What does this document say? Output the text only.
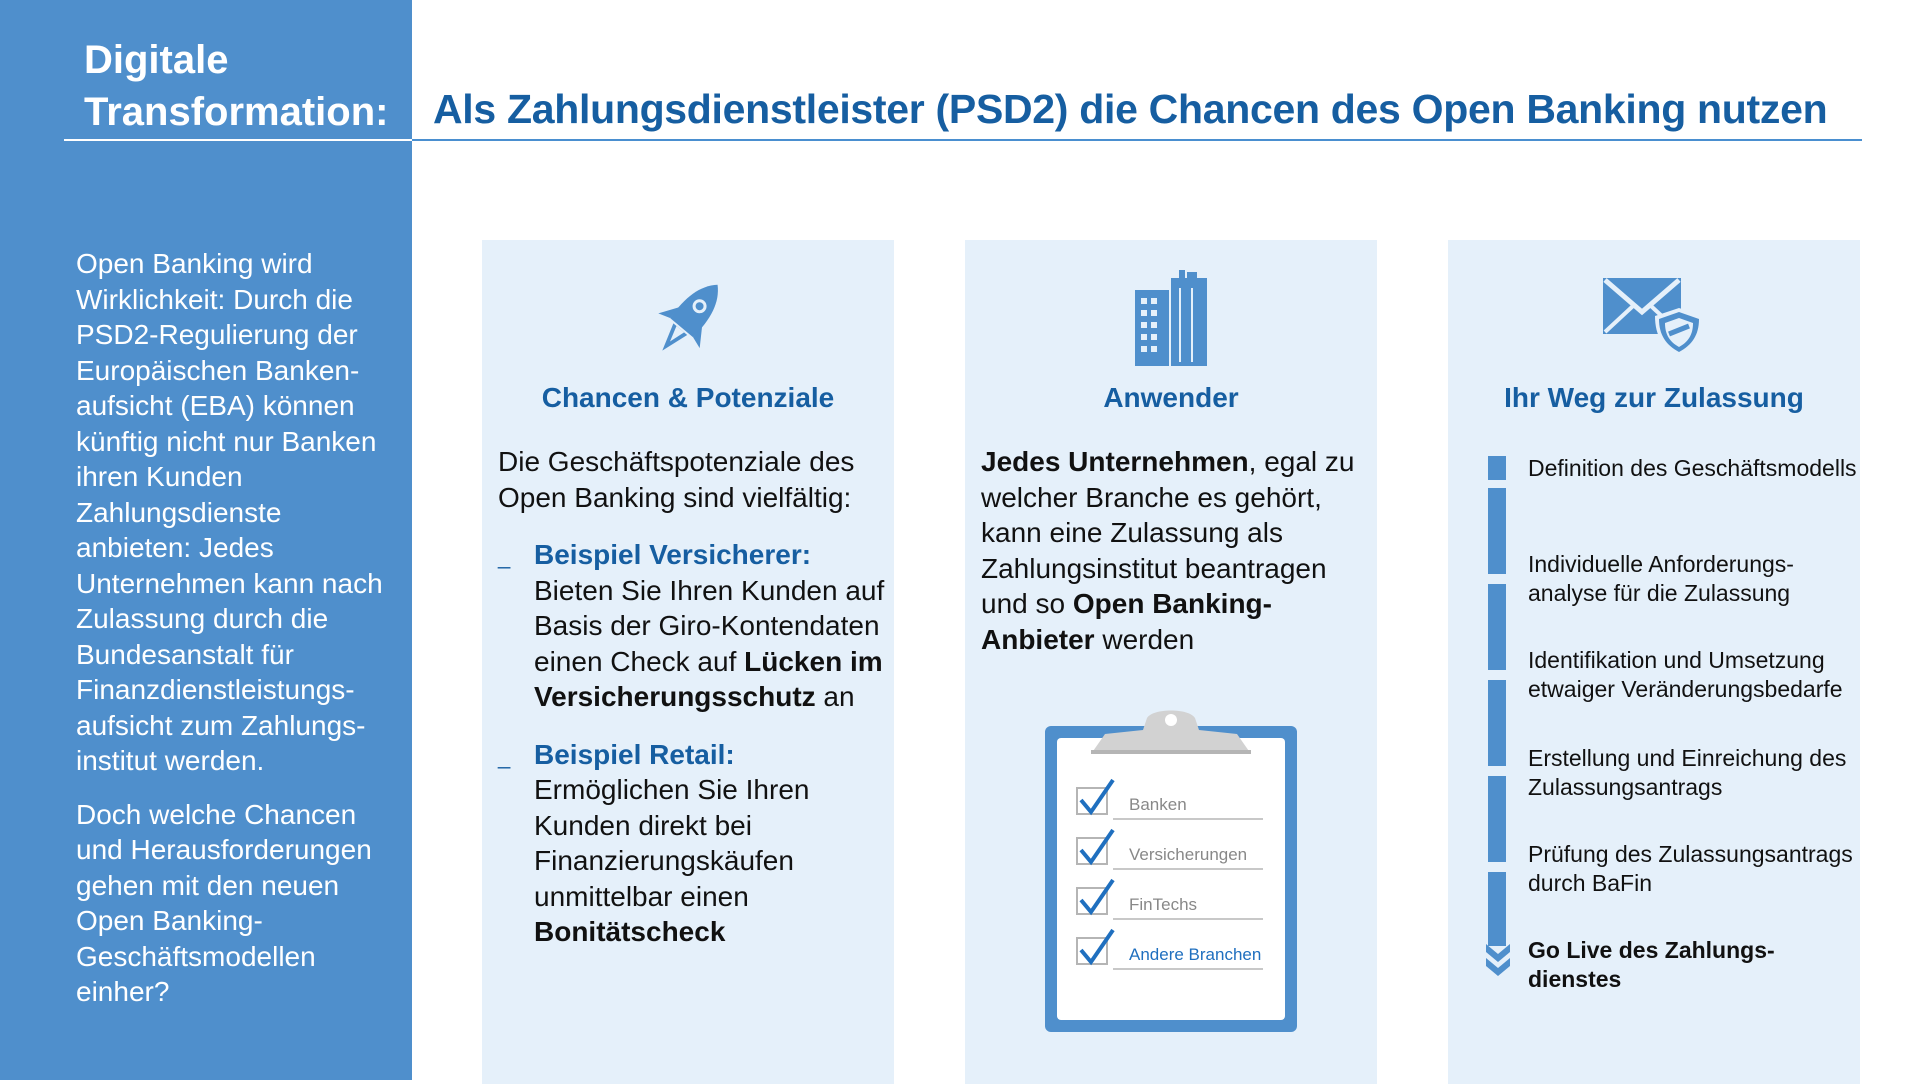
Digitale
Transformation: Als Zahlungsdienstleister (PSD2) die Chancen des Open Banking nutzen

Open Banking wird Wirklichkeit: Durch die PSD2-Regulierung der Europäischen Bankenaufsicht (EBA) können künftig nicht nur Banken ihren Kunden Zahlungsdienste anbieten: Jedes Unternehmen kann nach Zulassung durch die Bundesanstalt für Finanzdienstleistungsaufsicht zum Zahlungsinstitut werden.

Doch welche Chancen und Herausforderungen gehen mit den neuen Open Banking-Geschäftsmodellen einher?

Chancen & Potenziale

Die Geschäftspotenziale des Open Banking sind vielfältig:

_ Beispiel Versicherer:
Bieten Sie Ihren Kunden auf Basis der Giro-Kontendaten einen Check auf Lücken im Versicherungsschutz an
_ Beispiel Retail:
Ermöglichen Sie Ihren Kunden direkt bei Finanzierungskäufen unmittelbar einen Bonitätscheck
Anwender
Jedes Unternehmen, egal zu welcher Branche es gehört, kann eine Zulassung als Zahlungsinstitut beantragen und so Open Banking-Anbieter werden
Banken
Versicherungen
FinTechs
Andere Branchen
Ihr Weg zur Zulassung
Definition des Geschäftsmodells
Individuelle Anforderungsanalyse für die Zulassung
Identifikation und Umsetzung etwaiger Veränderungsbedarfe
Erstellung und Einreichung des Zulassungsantrags
Prüfung des Zulassungsantrags durch BaFin
Go Live des Zahlungsdienstes
